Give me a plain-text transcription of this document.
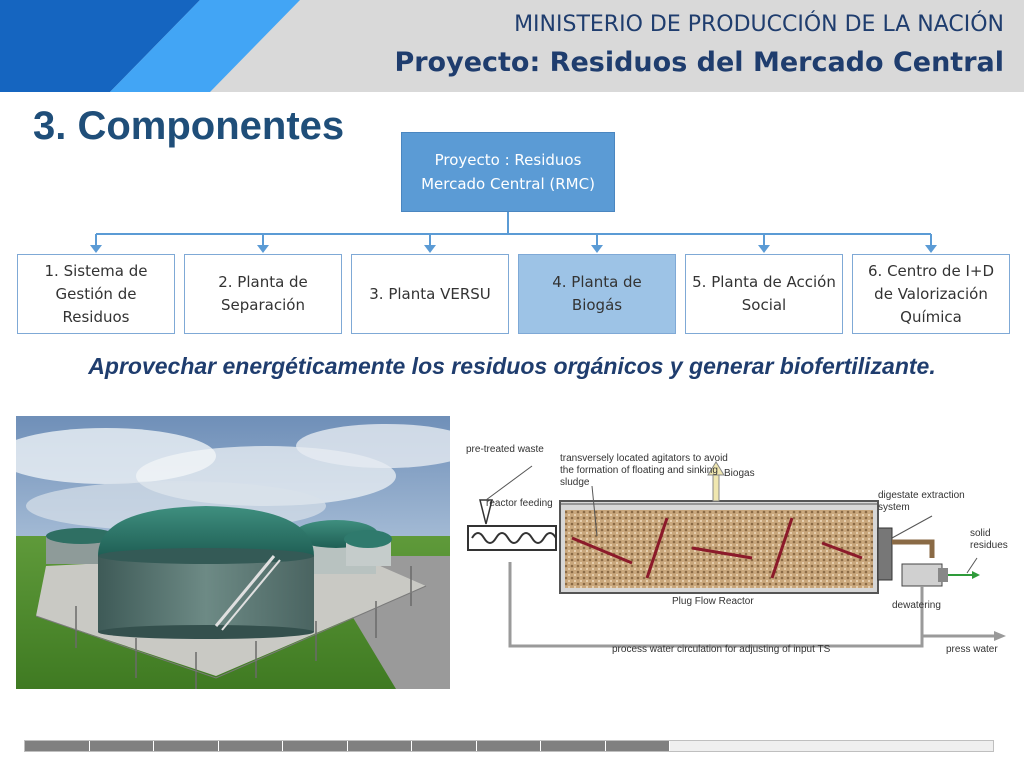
MINISTERIO DE PRODUCCIÓN DE LA NACIÓN
Proyecto: Residuos del Mercado Central
3. Componentes
Proyecto : Residuos Mercado Central (RMC)
1. Sistema de Gestión de Residuos
2. Planta de Separación
3. Planta VERSU
4. Planta de Biogás
5. Planta de Acción Social
6. Centro de I+D de Valorización Química
Aprovechar energéticamente los residuos orgánicos y generar biofertilizante.
pre-treated waste
transversely located agitators to avoid the formation of floating and sinking sludge
Biogas
reactor feeding
digestate extraction system
solid residues
Plug Flow Reactor	dewatering
process water circulation for adjusting of input TS	press water
